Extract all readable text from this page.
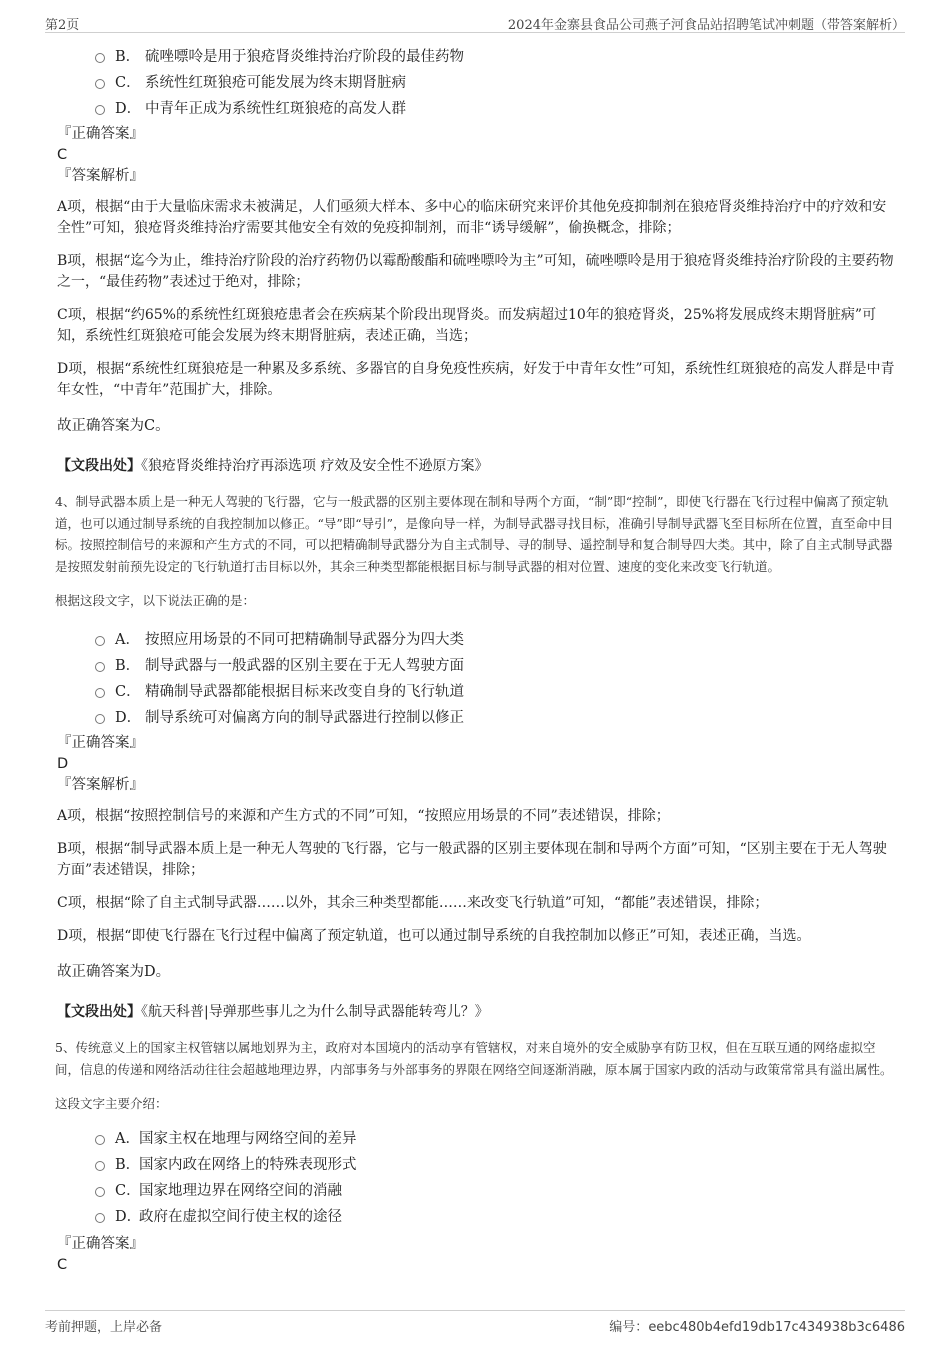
第2页	2024年金寨县食品公司燕子河食品站招聘笔试冲刺题（带答案解析）
B． 硫唑嘌呤是用于狼疮肾炎维持治疗阶段的最佳药物
C． 系统性红斑狼疮可能发展为终末期肾脏病
D． 中青年正成为系统性红斑狼疮的高发人群
『正确答案』
C
『答案解析』
A项，根据“由于大量临床需求未被满足，人们亟须大样本、多中心的临床研究来评价其他免疫抑制剂在狼疮肾炎维持治疗中的疗效和安全性”可知，狼疮肾炎维持治疗需要其他安全有效的免疫抑制剂，而非“诱导缓解”，偷换概念，排除；
B项，根据“迄今为止，维持治疗阶段的治疗药物仍以霉酚酸酯和硫唑嘌呤为主”可知，硫唑嘌呤是用于狼疮肾炎维持治疗阶段的主要药物之一，“最佳药物”表述过于绝对，排除；
C项，根据“约65%的系统性红斑狼疮患者会在疾病某个阶段出现肾炎。而发病超过10年的狼疮肾炎，25%将发展成终末期肾脏病”可知，系统性红斑狼疮可能会发展为终末期肾脏病，表述正确，当选；
D项，根据“系统性红斑狼疮是一种累及多系统、多器官的自身免疫性疾病，好发于中青年女性”可知，系统性红斑狼疮的高发人群是中青年女性，“中青年”范围扩大，排除。
故正确答案为C。
【文段出处】《狼疮肾炎维持治疗再添选项 疗效及安全性不逊原方案》
4、制导武器本质上是一种无人驾驶的飞行器，它与一般武器的区别主要体现在制和导两个方面，“制”即“控制”，即使飞行器在飞行过程中偏离了预定轨道，也可以通过制导系统的自我控制加以修正。“导”即“导引”，是像向导一样，为制导武器寻找目标，准确引导制导武器飞至目标所在位置，直至命中目标。按照控制信号的来源和产生方式的不同，可以把精确制导武器分为自主式制导、寻的制导、遥控制导和复合制导四大类。其中，除了自主式制导武器是按照发射前预先设定的飞行轨道打击目标以外，其余三种类型都能根据目标与制导武器的相对位置、速度的变化来改变飞行轨道。
根据这段文字，以下说法正确的是：
A． 按照应用场景的不同可把精确制导武器分为四大类
B． 制导武器与一般武器的区别主要在于无人驾驶方面
C． 精确制导武器都能根据目标来改变自身的飞行轨道
D． 制导系统可对偏离方向的制导武器进行控制以修正
『正确答案』
D
『答案解析』
A项，根据“按照控制信号的来源和产生方式的不同”可知，“按照应用场景的不同”表述错误，排除；
B项，根据“制导武器本质上是一种无人驾驶的飞行器，它与一般武器的区别主要体现在制和导两个方面”可知，“区别主要在于无人驾驶方面”表述错误，排除；
C项，根据“除了自主式制导武器……以外，其余三种类型都能……来改变飞行轨道”可知，“都能”表述错误，排除；
D项，根据“即使飞行器在飞行过程中偏离了预定轨道，也可以通过制导系统的自我控制加以修正”可知，表述正确，当选。
故正确答案为D。
【文段出处】《航天科普|导弹那些事儿之为什么制导武器能转弯儿？》
5、传统意义上的国家主权管辖以属地划界为主，政府对本国境内的活动享有管辖权，对来自境外的安全威胁享有防卫权，但在互联互通的网络虚拟空间，信息的传递和网络活动往往会超越地理边界，内部事务与外部事务的界限在网络空间逐渐消融，原本属于国家内政的活动与政策常常具有溢出属性。
这段文字主要介绍：
A． 国家主权在地理与网络空间的差异
B．
国家内政在网络上的特殊表现形式
C．
国家地理边界在网络空间的消融
D．
政府在虚拟空间行使主权的途径
『正确答案』
C
考前押题，上岸必备	编号：eebc480b4efd19db17c434938b3c6486
